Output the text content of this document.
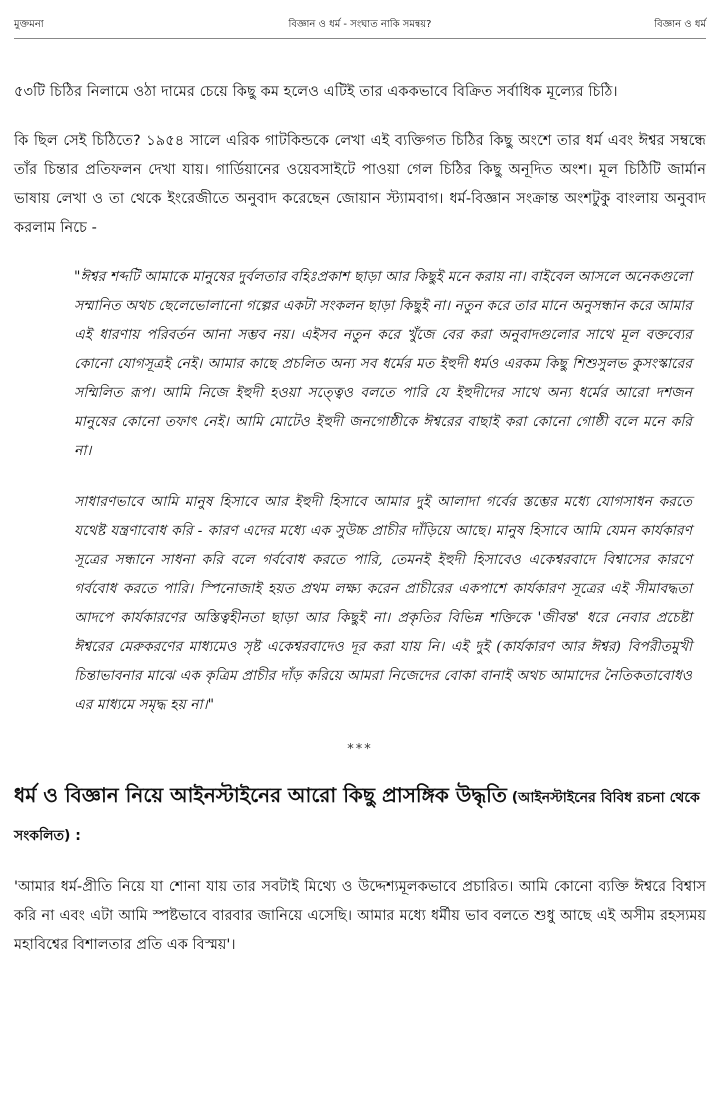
মুক্তমনা	বিজ্ঞান ও ধর্ম - সংঘাত নাকি সমন্বয়?	বিজ্ঞান ও ধর্ম

৫৩টি চিঠির নিলামে ওঠা দামের চেয়ে কিছু কম হলেও এটিই তার এককভাবে বিক্রিত সর্বাধিক মূল্যের চিঠি।

কি ছিল সেই চিঠিতে? ১৯৫৪ সালে এরিক গাটকিন্ডকে লেখা এই ব্যক্তিগত চিঠির কিছু অংশে তার ধর্ম এবং ঈশ্বর সম্বন্ধে তাঁর চিন্তার প্রতিফলন দেখা যায়। গার্ডিয়ানের ওয়েবসাইটে পাওয়া গেল চিঠির কিছু অনূদিত অংশ। মূল চিঠিটি জার্মান ভাষায় লেখা ও তা থেকে ইংরেজীতে অনুবাদ করেছেন জোয়ান স্ট্যামবাগ। ধর্ম-বিজ্ঞান সংক্রান্ত অংশটুকু বাংলায় অনুবাদ করলাম নিচে -

"ঈশ্বর শব্দটি আমাকে মানুষের দুর্বলতার বহিঃপ্রকাশ ছাড়া আর কিছুই মনে করায় না। বাইবেল আসলে অনেকগুলো সম্মানিত অথচ ছেলেভোলানো গল্পের একটা সংকলন ছাড়া কিছুই না। নতুন করে তার মানে অনুসন্ধান করে আমার এই ধারণায় পরিবর্তন আনা সম্ভব নয়। এইসব নতুন করে খুঁজে বের করা অনুবাদগুলোর সাথে মূল বক্তব্যের কোনো যোগসূত্রই নেই। আমার কাছে প্রচলিত অন্য সব ধর্মের মত ইহুদী ধর্মও এরকম কিছু শিশুসুলভ কুসংস্কারের সম্মিলিত রূপ। আমি নিজে ইহুদী হওয়া সত্ত্বেও বলতে পারি যে ইহুদীদের সাথে অন্য ধর্মের আরো দশজন মানুষের কোনো তফাৎ নেই। আমি মোটেও ইহুদী জনগোষ্ঠীকে ঈশ্বরের বাছাই করা কোনো গোষ্ঠী বলে মনে করি না।

সাধারণভাবে আমি মানুষ হিসাবে আর ইহুদী হিসাবে আমার দুই আলাদা গর্বের স্তম্ভের মধ্যে যোগসাধন করতে যথেষ্ট যন্ত্রণাবোধ করি - কারণ এদের মধ্যে এক সুউচ্চ প্রাচীর দাঁড়িয়ে আছে। মানুষ হিসাবে আমি যেমন কার্যকারণ সূত্রের সন্ধানে সাধনা করি বলে গর্ববোধ করতে পারি, তেমনই ইহুদী হিসাবেও একেশ্বরবাদে বিশ্বাসের কারণে গর্ববোধ করতে পারি। স্পিনোজাই হয়ত প্রথম লক্ষ্য করেন প্রাচীরের একপাশে কার্যকারণ সূত্রের এই সীমাবদ্ধতা আদপে কার্যকারণের অস্তিত্বহীনতা ছাড়া আর কিছুই না। প্রকৃতির বিভিন্ন শক্তিকে 'জীবন্ত' ধরে নেবার প্রচেষ্টা ঈশ্বরের মেরুকরণের মাধ্যমেও সৃষ্ট একেশ্বরবাদেও দূর করা যায় নি। এই দুই (কার্যকারণ আর ঈশ্বর) বিপরীতমুখী চিন্তাভাবনার মাঝে এক কৃত্রিম প্রাচীর দাঁড় করিয়ে আমরা নিজেদের বোকা বানাই অথচ আমাদের নৈতিকতাবোধও এর মাধ্যমে সমৃদ্ধ হয় না।"

***
ধর্ম ও বিজ্ঞান নিয়ে আইনস্টাইনের আরো কিছু প্রাসঙ্গিক উদ্ধৃতি (আইনস্টাইনের বিবিধ রচনা থেকে সংকলিত) :

'আমার ধর্ম-প্রীতি নিয়ে যা শোনা যায় তার সবটাই মিথ্যে ও উদ্দেশ্যমূলকভাবে প্রচারিত। আমি কোনো ব্যক্তি ঈশ্বরে বিশ্বাস করি না এবং এটা আমি স্পষ্টভাবে বারবার জানিয়ে এসেছি। আমার মধ্যে ধর্মীয় ভাব বলতে শুধু আছে এই অসীম রহস্যময় মহাবিশ্বের বিশালতার প্রতি এক বিস্ময়'।
